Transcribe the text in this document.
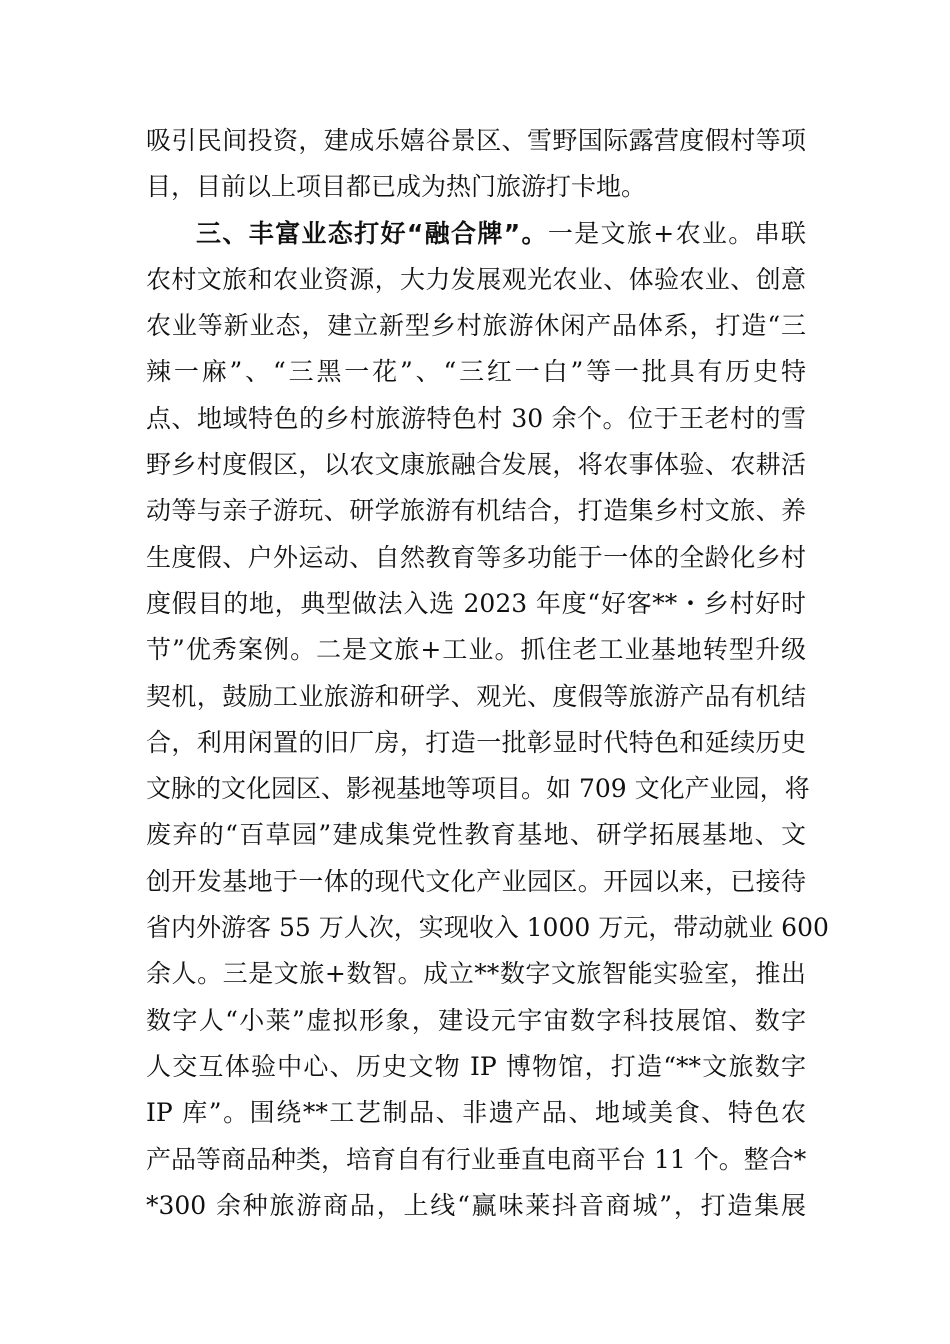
吸引民间投资，建成乐嬉谷景区、雪野国际露营度假村等项
目，目前以上项目都已成为热门旅游打卡地。
三、丰富业态打好“融合牌”。一是文旅+农业。串联
农村文旅和农业资源，大力发展观光农业、体验农业、创意
农业等新业态，建立新型乡村旅游休闲产品体系，打造“三
辣一麻”、“三黑一花”、“三红一白”等一批具有历史特
点、地域特色的乡村旅游特色村 30 余个。位于王老村的雪
野乡村度假区，以农文康旅融合发展，将农事体验、农耕活
动等与亲子游玩、研学旅游有机结合，打造集乡村文旅、养
生度假、户外运动、自然教育等多功能于一体的全龄化乡村
度假目的地，典型做法入选 2023 年度“好客**・乡村好时
节”优秀案例。二是文旅+工业。抓住老工业基地转型升级
契机，鼓励工业旅游和研学、观光、度假等旅游产品有机结
合，利用闲置的旧厂房，打造一批彰显时代特色和延续历史
文脉的文化园区、影视基地等项目。如 709 文化产业园，将
废弃的“百草园”建成集党性教育基地、研学拓展基地、文
创开发基地于一体的现代文化产业园区。开园以来，已接待
省内外游客 55 万人次，实现收入 1000 万元，带动就业 600
余人。三是文旅+数智。成立**数字文旅智能实验室，推出
数字人“小莱”虚拟形象，建设元宇宙数字科技展馆、数字
人交互体验中心、历史文物 IP 博物馆，打造“**文旅数字
IP 库”。围绕**工艺制品、非遗产品、地域美食、特色农
产品等商品种类，培育自有行业垂直电商平台 11 个。整合*
*300 余种旅游商品，上线“赢味莱抖音商城”，打造集展
